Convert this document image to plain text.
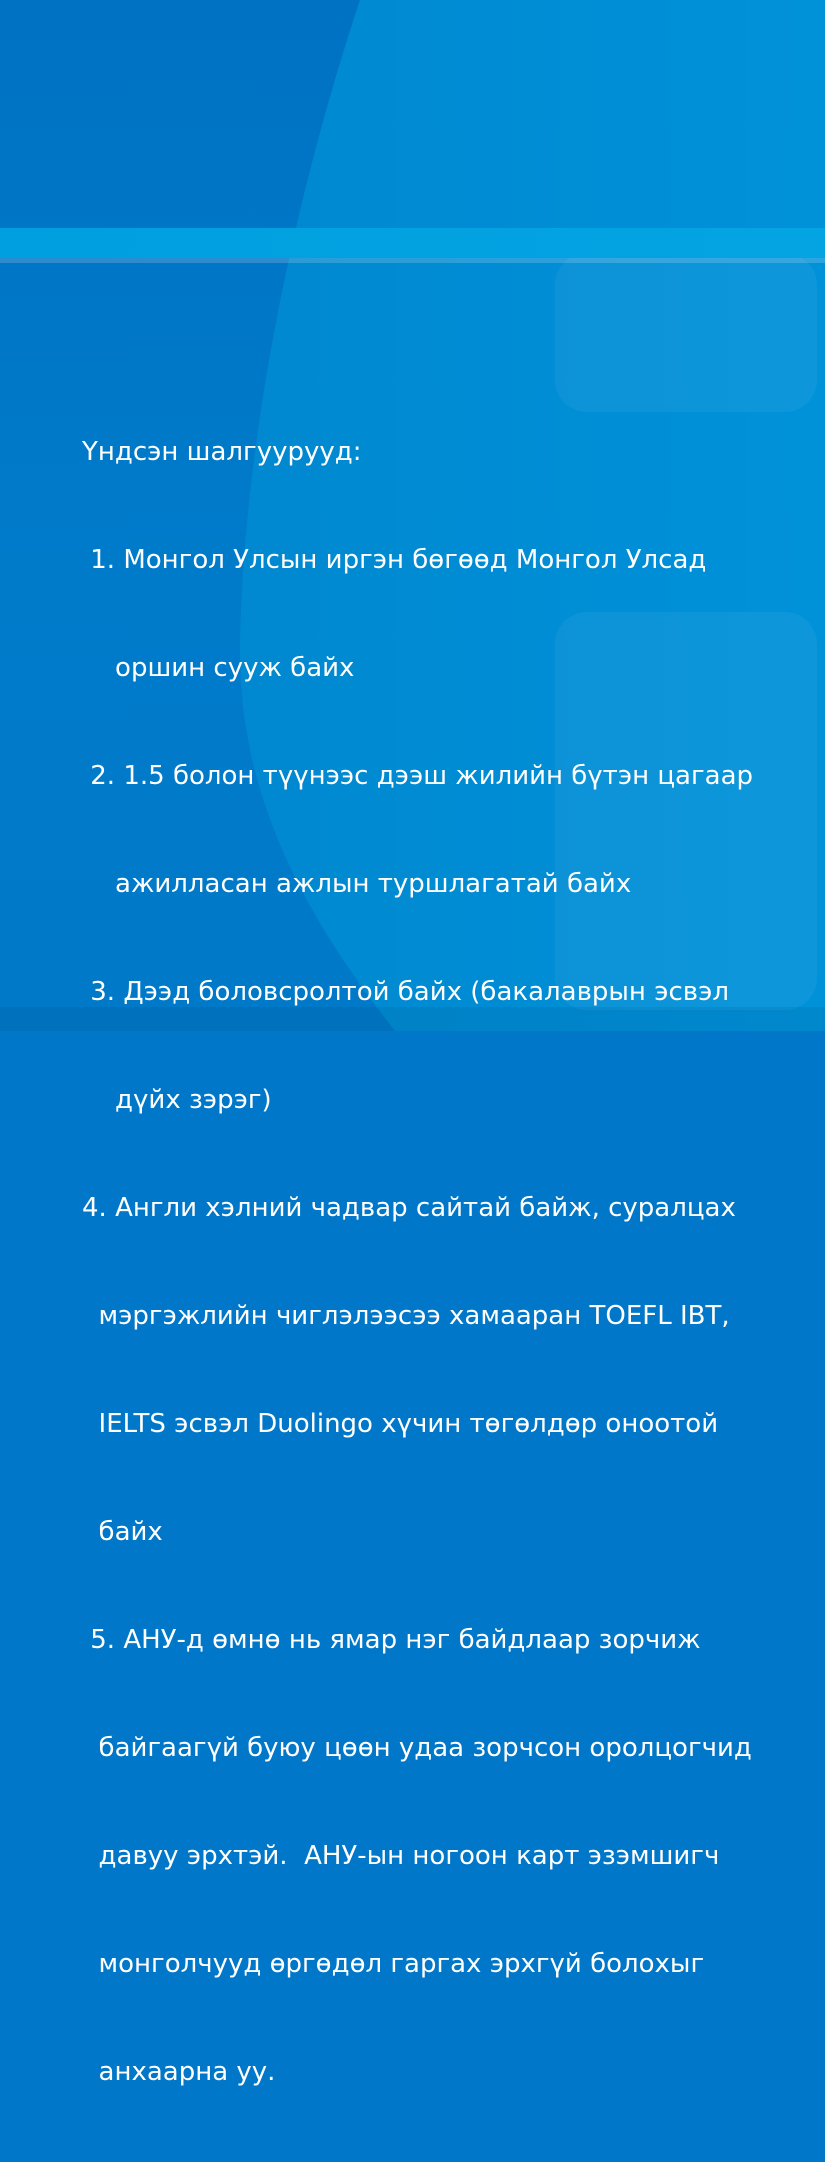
Үндсэн шалгуурууд:

1. Монгол Улсын иргэн бөгөөд Монгол Улсад

оршин сууж байх

2. 1.5 болон түүнээс дээш жилийн бүтэн цагаар

ажилласан ажлын туршлагатай байх

3. Дээд боловсролтой байх (бакалаврын эсвэл

дүйх зэрэг)

4. Англи хэлний чадвар сайтай байж, суралцах

мэргэжлийн чиглэлээсээ хамааран TOEFL IBT,

IELTS эсвэл Duolingo хүчин төгөлдөр оноотой

байх

5. АНУ-д өмнө нь ямар нэг байдлаар зорчиж

байгаагүй буюу цөөн удаа зорчсон оролцогчид

давуу эрхтэй.  АНУ-ын ногоон карт эзэмшигч

монголчууд өргөдөл гаргах эрхгүй болохыг

анхаарна уу.
